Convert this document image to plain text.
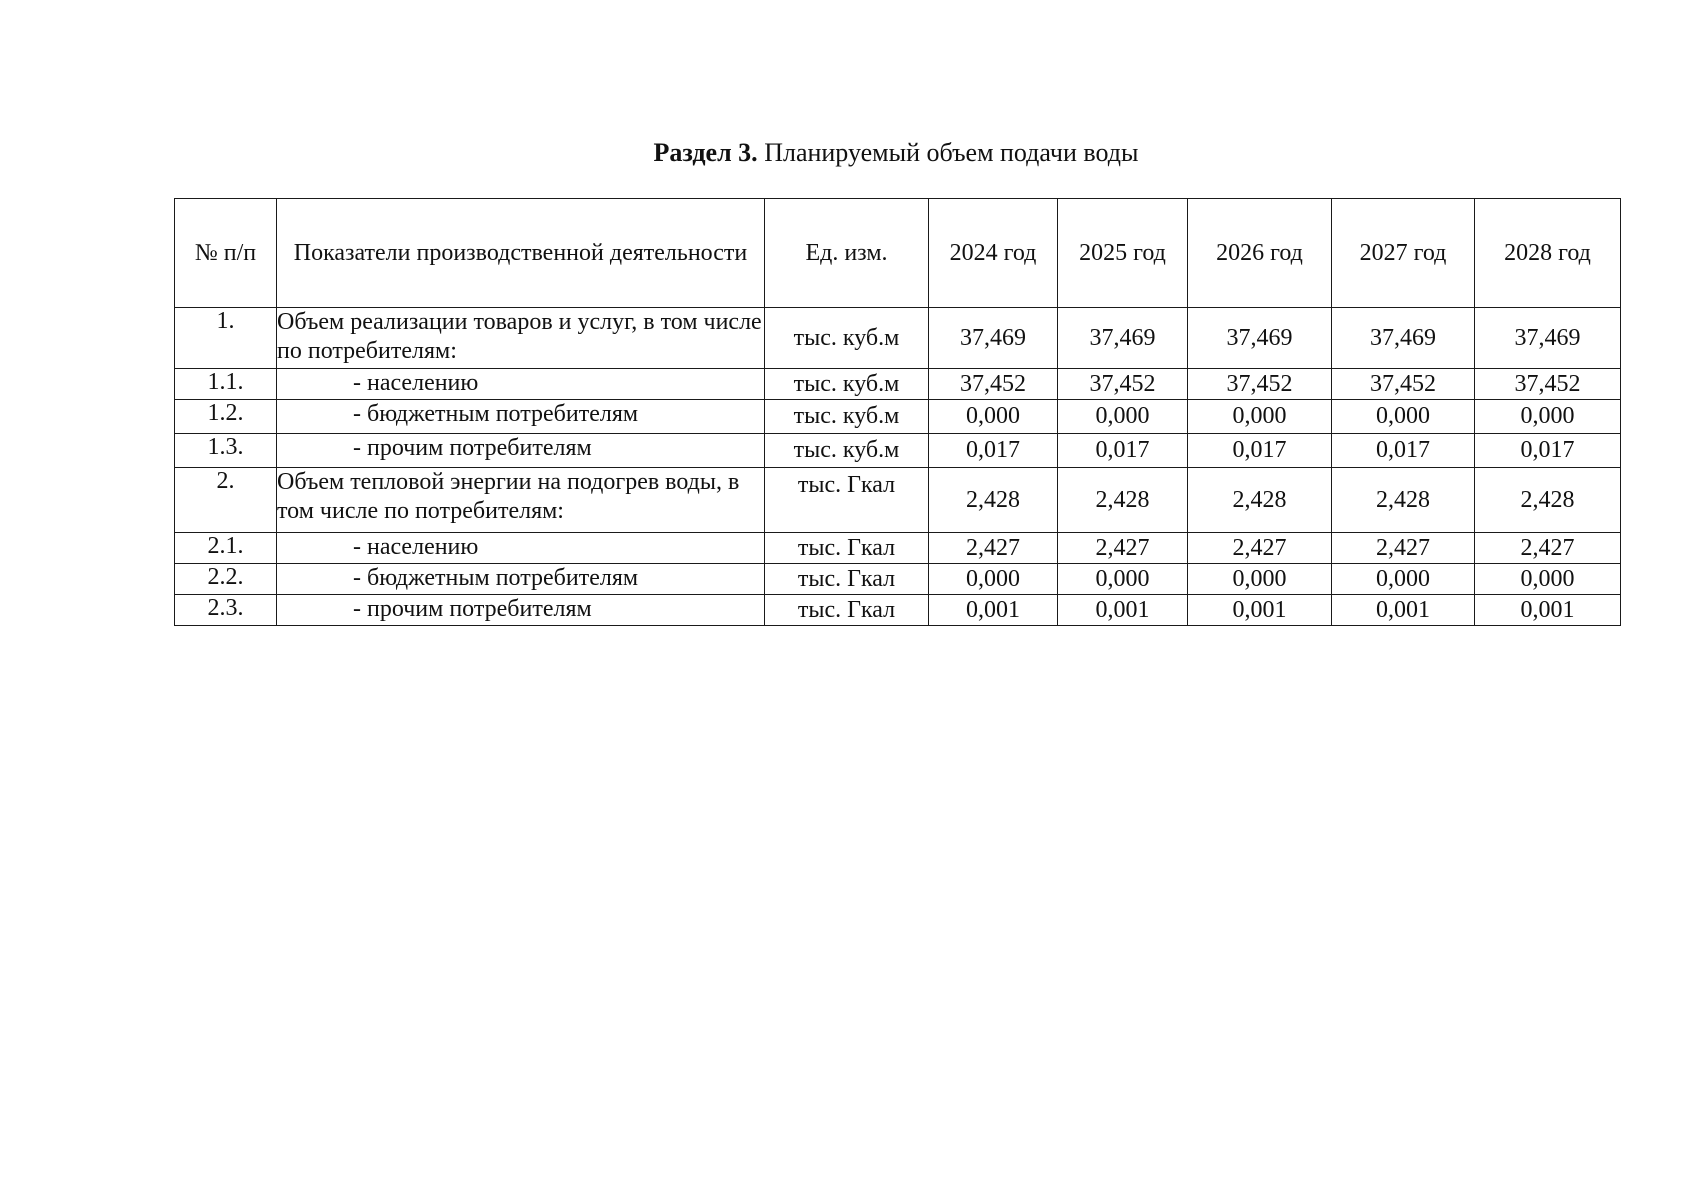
Раздел 3. Планируемый объем подачи воды
№ п/п	Показатели производственной деятельности	Ед. изм.	2024 год	2025 год	2026 год	2027 год	2028 год
1.	Объем реализации товаров и услуг, в том числе по потребителям:	тыс. куб.м	37,469	37,469	37,469	37,469	37,469
1.1.	- населению	тыс. куб.м	37,452	37,452	37,452	37,452	37,452
1.2.	- бюджетным потребителям	тыс. куб.м	0,000	0,000	0,000	0,000	0,000
1.3.	- прочим потребителям	тыс. куб.м	0,017	0,017	0,017	0,017	0,017
2.	Объем тепловой энергии на подогрев воды, в том числе по потребителям:	тыс. Гкал	2,428	2,428	2,428	2,428	2,428
2.1.	- населению	тыс. Гкал	2,427	2,427	2,427	2,427	2,427
2.2.	- бюджетным потребителям	тыс. Гкал	0,000	0,000	0,000	0,000	0,000
2.3.	- прочим потребителям	тыс. Гкал	0,001	0,001	0,001	0,001	0,001
